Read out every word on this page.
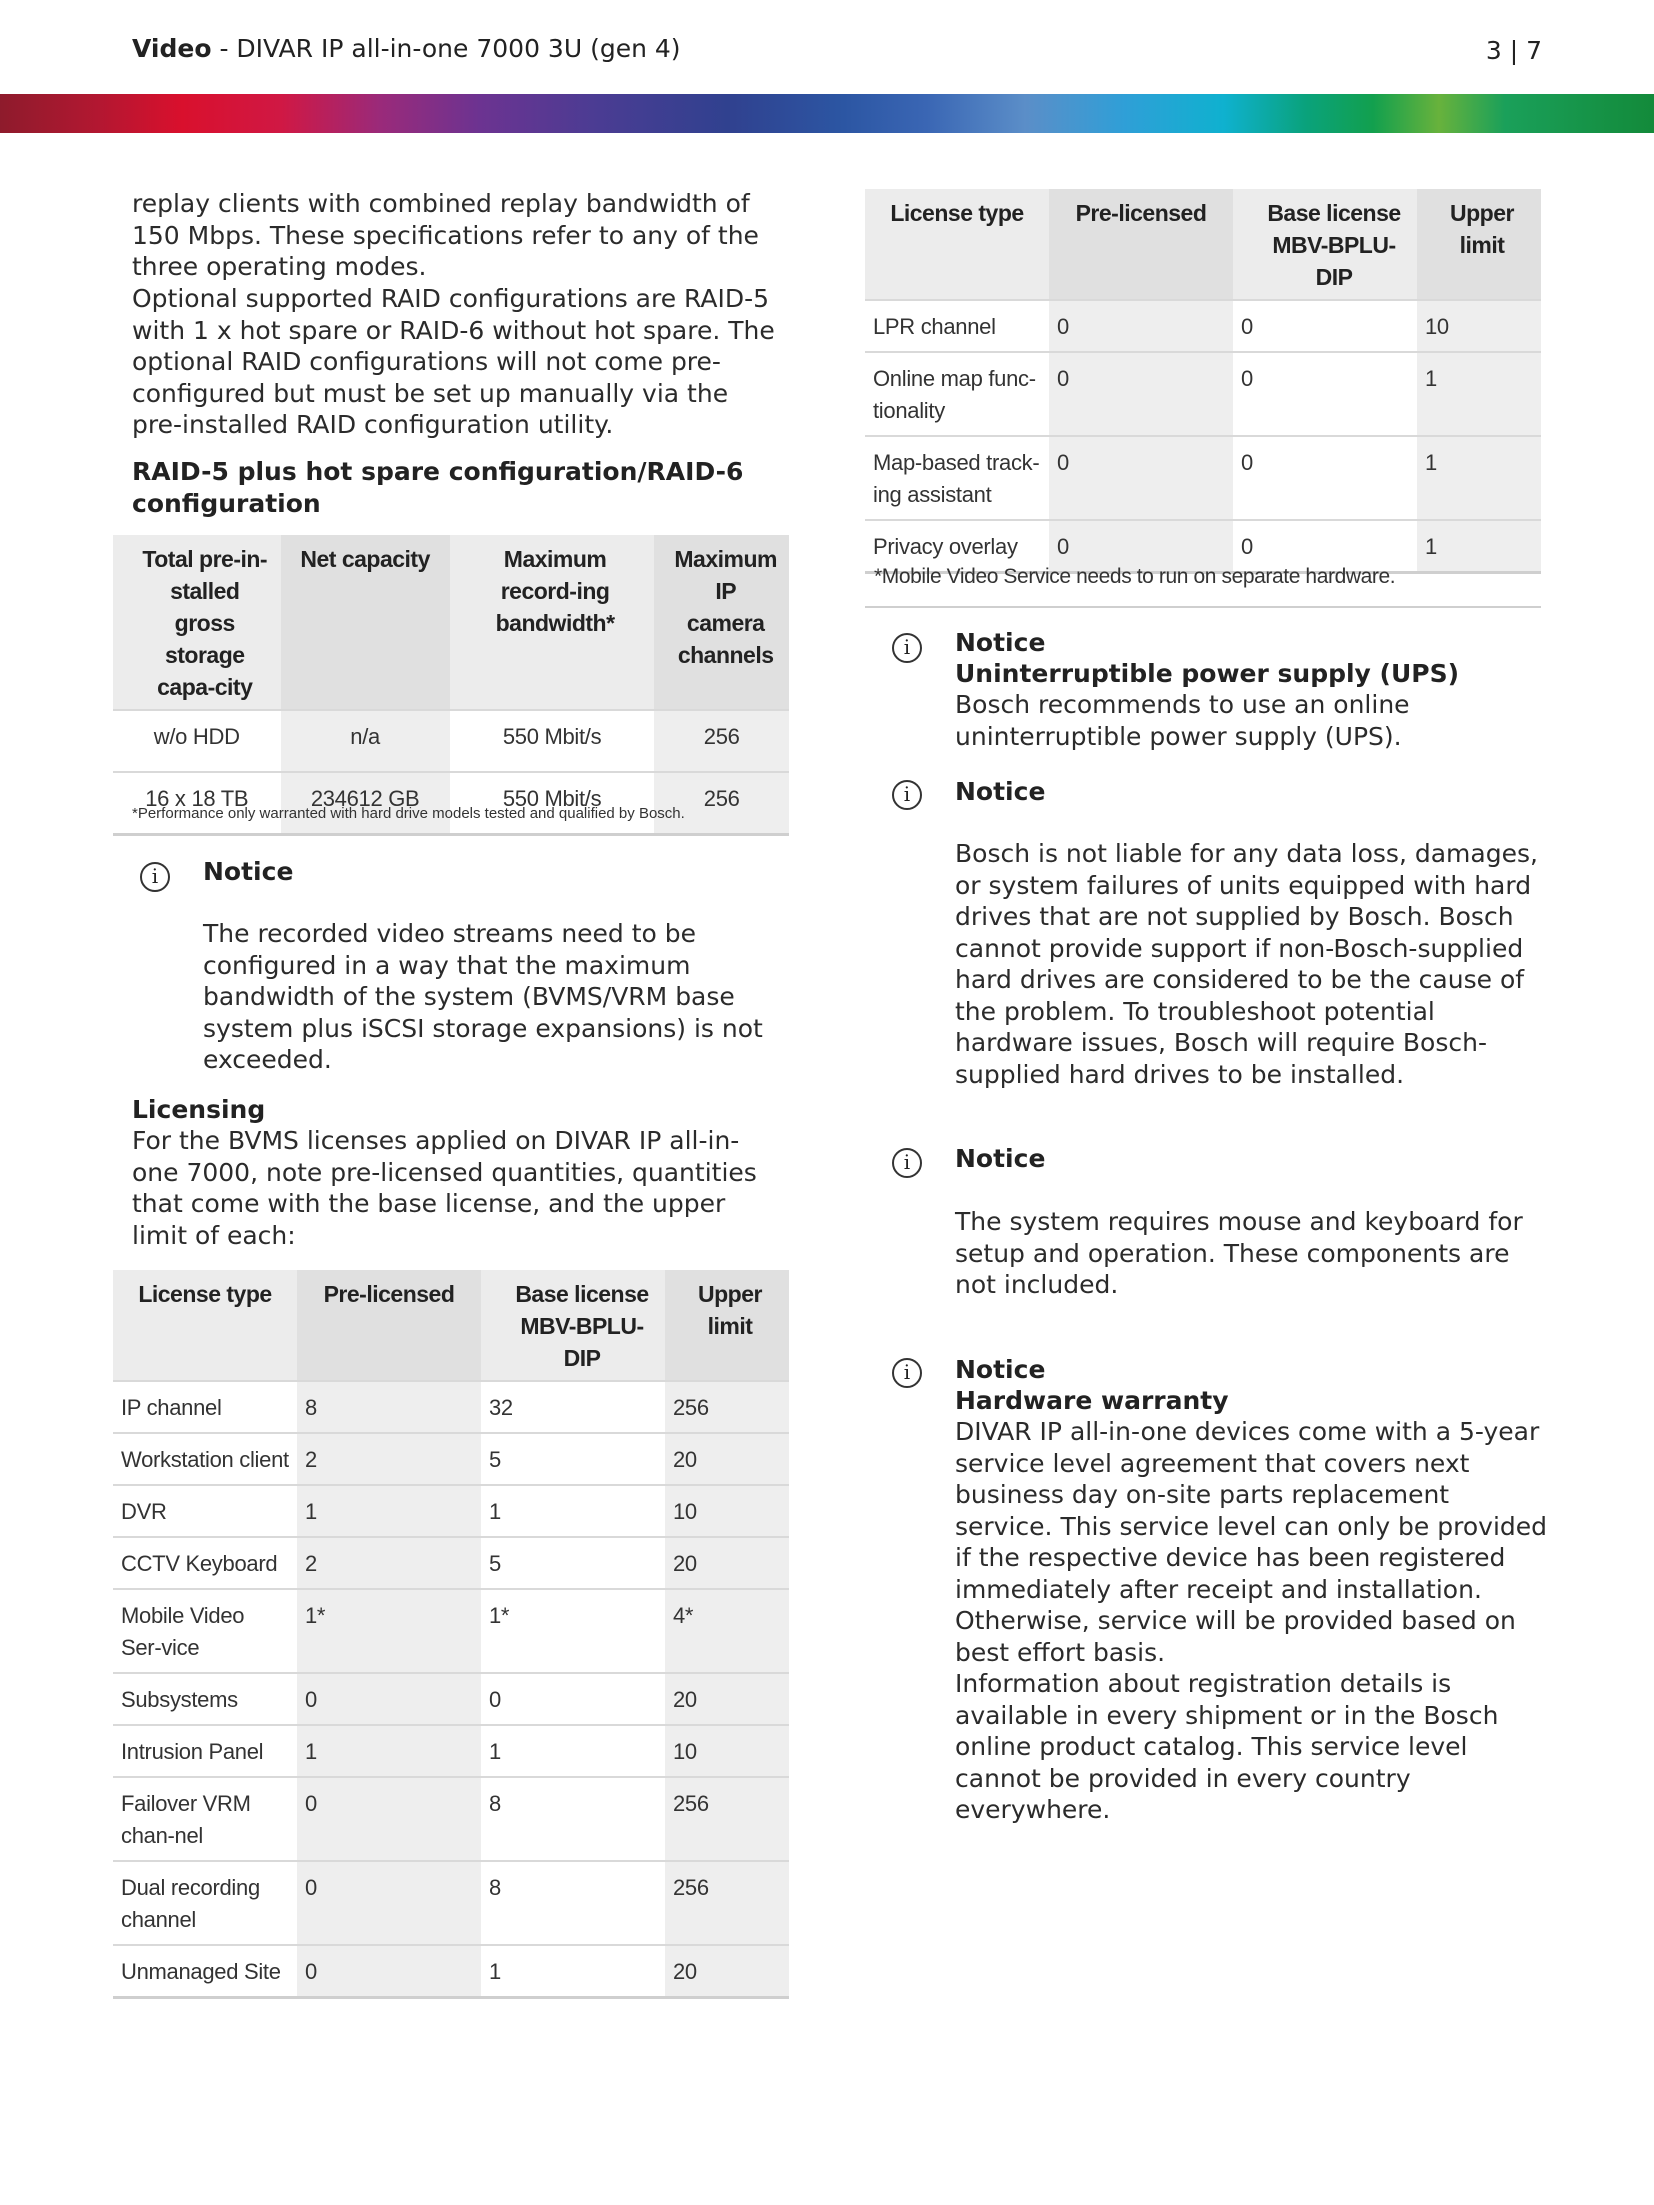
Video - DIVAR IP all-in-one 7000 3U (gen 4)	3 | 7

replay clients with combined replay bandwidth of 150 Mbps. These specifications refer to any of the three operating modes.

Optional supported RAID configurations are RAID-5 with 1 x hot spare or RAID-6 without hot spare. The optional RAID configurations will not come pre-configured but must be set up manually via the pre-installed RAID configuration utility.

RAID-5 plus hot spare configuration/RAID-6 configuration

Total pre-in-stalled gross storage capa-city	Net capacity	Maximum record-ing bandwidth*	Maximum IP camera channels
w/o HDD	n/a	550 Mbit/s	256
16 x 18 TB	234612 GB	550 Mbit/s	256
*Performance only warranted with hard drive models tested and qualified by Bosch.
i	Notice

The recorded video streams need to be configured in a way that the maximum bandwidth of the system (BVMS/VRM base system plus iSCSI storage expansions) is not exceeded.

Licensing

For the BVMS licenses applied on DIVAR IP all-in-one 7000, note pre-licensed quantities, quantities that come with the base license, and the upper limit of each:

License type	Pre-licensed	Base license MBV-BPLU-DIP	Upper limit
IP channel	8	32	256
Workstation client	2	5	20
DVR	1	1	10
CCTV Keyboard	2	5	20
Mobile Video Ser-vice	1*	1*	4*
Subsystems	0	0	20
Intrusion Panel	1	1	10
Failover VRM chan-nel	0	8	256
Dual recording channel	0	8	256
Unmanaged Site	0	1	20
License type	Pre-licensed	Base license MBV-BPLU-DIP	Upper limit
LPR channel	0	0	10
Online map func-tionality	0	0	1
Map-based track-ing assistant	0	0	1
Privacy overlay	0	0	1
*Mobile Video Service needs to run on separate hardware.
i	Notice
Uninterruptible power supply (UPS)

Bosch recommends to use an online uninterruptible power supply (UPS).

i	Notice

Bosch is not liable for any data loss, damages, or system failures of units equipped with hard drives that are not supplied by Bosch. Bosch cannot provide support if non-Bosch-supplied hard drives are considered to be the cause of the problem. To troubleshoot potential hardware issues, Bosch will require Bosch-supplied hard drives to be installed.

i	Notice

The system requires mouse and keyboard for setup and operation. These components are not included.

i	Notice
Hardware warranty

DIVAR IP all-in-one devices come with a 5-year service level agreement that covers next business day on-site parts replacement service. This service level can only be provided if the respective device has been registered immediately after receipt and installation. Otherwise, service will be provided based on best effort basis.

Information about registration details is available in every shipment or in the Bosch online product catalog. This service level cannot be provided in every country everywhere.
